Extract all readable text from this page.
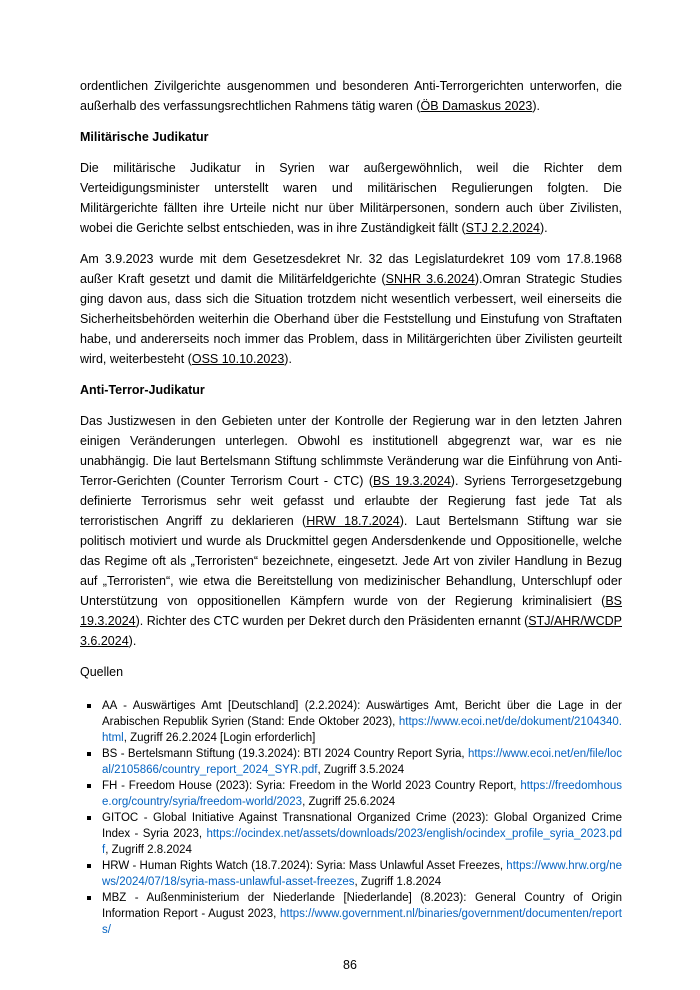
ordentlichen Zivilgerichte ausgenommen und besonderen Anti-Terrorgerichten unterworfen, die außerhalb des verfassungsrechtlichen Rahmens tätig waren (ÖB Damaskus 2023).

Militärische Judikatur

Die militärische Judikatur in Syrien war außergewöhnlich, weil die Richter dem Verteidigungsminister unterstellt waren und militärischen Regulierungen folgten. Die Militärgerichte fällten ihre Urteile nicht nur über Militärpersonen, sondern auch über Zivilisten, wobei die Gerichte selbst entschieden, was in ihre Zuständigkeit fällt (STJ 2.2.2024).

Am 3.9.2023 wurde mit dem Gesetzesdekret Nr. 32 das Legislaturdekret 109 vom 17.8.1968 außer Kraft gesetzt und damit die Militärfeldgerichte (SNHR 3.6.2024).Omran Strategic Studies ging davon aus, dass sich die Situation trotzdem nicht wesentlich verbessert, weil einerseits die Sicherheitsbehörden weiterhin die Oberhand über die Feststellung und Einstufung von Straftaten habe, und andererseits noch immer das Problem, dass in Militärgerichten über Zivilisten geurteilt wird, weiterbesteht (OSS 10.10.2023).

Anti-Terror-Judikatur

Das Justizwesen in den Gebieten unter der Kontrolle der Regierung war in den letzten Jahren einigen Veränderungen unterlegen. Obwohl es institutionell abgegrenzt war, war es nie unabhängig. Die laut Bertelsmann Stiftung schlimmste Veränderung war die Einführung von Anti-Terror-Gerichten (Counter Terrorism Court - CTC) (BS 19.3.2024). Syriens Terrorgesetzgebung definierte Terrorismus sehr weit gefasst und erlaubte der Regierung fast jede Tat als terroristischen Angriff zu deklarieren (HRW 18.7.2024). Laut Bertelsmann Stiftung war sie politisch motiviert und wurde als Druckmittel gegen Andersdenkende und Oppositionelle, welche das Regime oft als „Terroristen“ bezeichnete, eingesetzt. Jede Art von ziviler Handlung in Bezug auf „Terroristen“, wie etwa die Bereitstellung von medizinischer Behandlung, Unterschlupf oder Unterstützung von oppositionellen Kämpfern wurde von der Regierung kriminalisiert (BS 19.3.2024). Richter des CTC wurden per Dekret durch den Präsidenten ernannt (STJ/AHR/WCDP 3.6.2024).

Quellen

AA - Auswärtiges Amt [Deutschland] (2.2.2024): Auswärtiges Amt, Bericht über die Lage in der Arabischen Republik Syrien (Stand: Ende Oktober 2023), https://www.ecoi.net/de/dokument/2104340.html, Zugriff 26.2.2024 [Login erforderlich]
BS - Bertelsmann Stiftung (19.3.2024): BTI 2024 Country Report Syria, https://www.ecoi.net/en/file/local/2105866/country_report_2024_SYR.pdf, Zugriff 3.5.2024
FH - Freedom House (2023): Syria: Freedom in the World 2023 Country Report, https://freedomhouse.org/country/syria/freedom-world/2023, Zugriff 25.6.2024
GITOC - Global Initiative Against Transnational Organized Crime (2023): Global Organized Crime Index - Syria 2023, https://ocindex.net/assets/downloads/2023/english/ocindex_profile_syria_2023.pdf, Zugriff 2.8.2024
HRW - Human Rights Watch (18.7.2024): Syria: Mass Unlawful Asset Freezes, https://www.hrw.org/news/2024/07/18/syria-mass-unlawful-asset-freezes, Zugriff 1.8.2024
MBZ - Außenministerium der Niederlande [Niederlande] (8.2023): General Country of Origin Information Report - August 2023, https://www.government.nl/binaries/government/documenten/reports/
86
